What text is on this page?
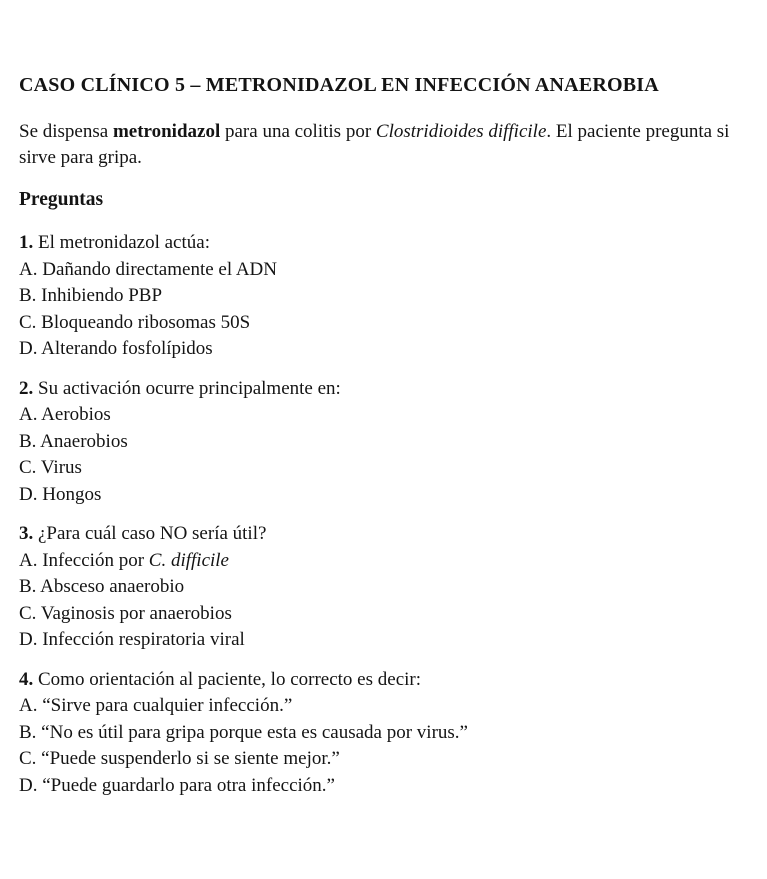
CASO CLÍNICO 5 – METRONIDAZOL EN INFECCIÓN ANAEROBIA

Se dispensa metronidazol para una colitis por Clostridioides difficile. El paciente pregunta si
sirve para gripa.

Preguntas

1. El metronidazol actúa:
A. Dañando directamente el ADN
B. Inhibiendo PBP
C. Bloqueando ribosomas 50S
D. Alterando fosfolípidos
2. Su activación ocurre principalmente en:
A. Aerobios
B. Anaerobios
C. Virus
D. Hongos
3. ¿Para cuál caso NO sería útil?
A. Infección por C. difficile
B. Absceso anaerobio
C. Vaginosis por anaerobios
D. Infección respiratoria viral
4. Como orientación al paciente, lo correcto es decir:
A. “Sirve para cualquier infección.”
B. “No es útil para gripa porque esta es causada por virus.”
C. “Puede suspenderlo si se siente mejor.”
D. “Puede guardarlo para otra infección.”
